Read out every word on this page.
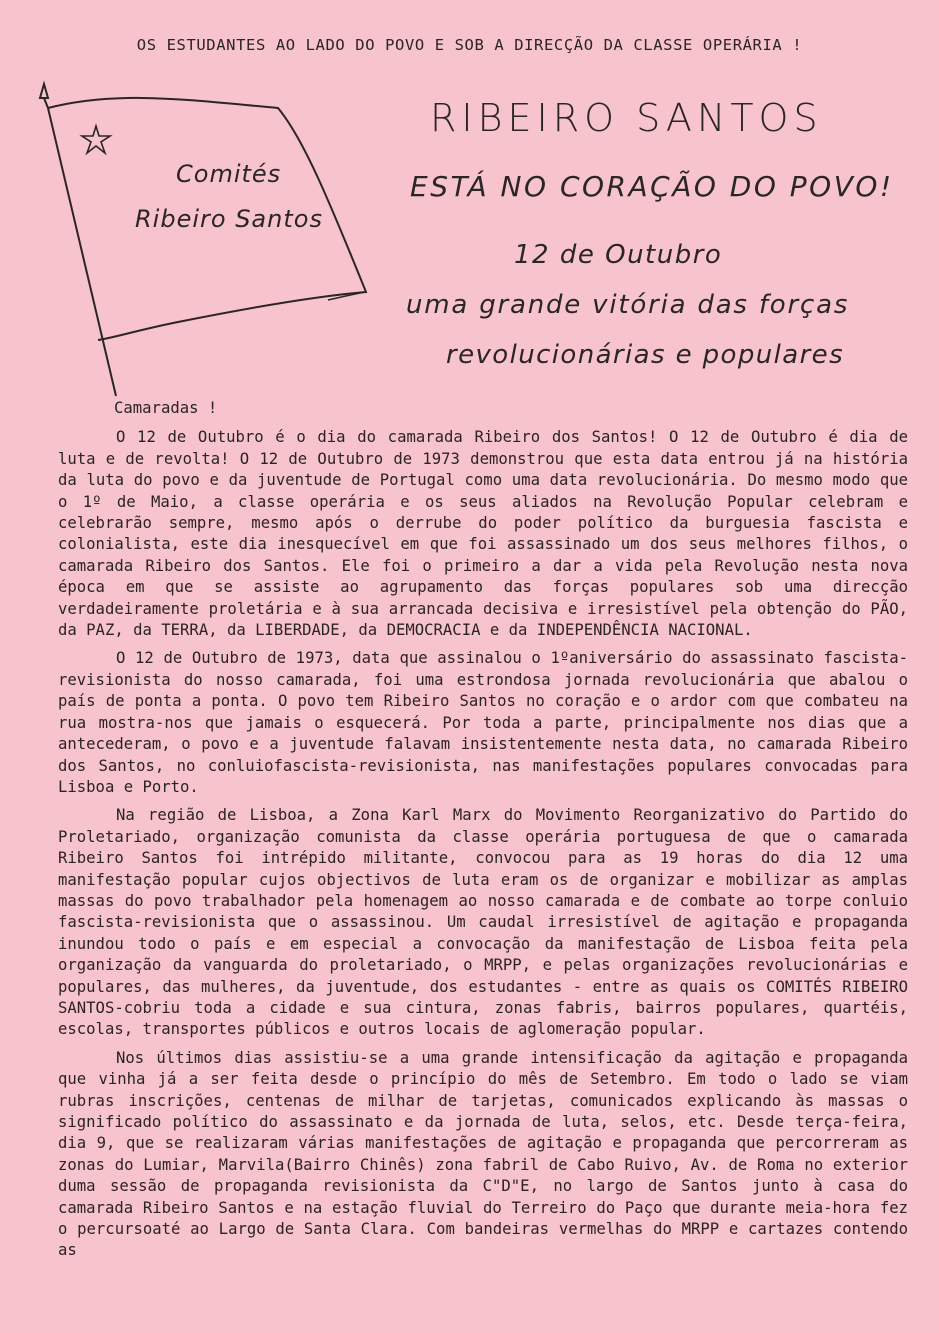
OS ESTUDANTES AO LADO DO POVO E SOB A DIRECÇÃO DA CLASSE OPERÁRIA !
Comités
Ribeiro Santos
RIBEIRO SANTOS
ESTÁ NO CORAÇÃO DO POVO!
12 de Outubro
uma grande vitória das forças
revolucionárias e populares
Camaradas !

O 12 de Outubro é o dia do camarada Ribeiro dos Santos! O 12 de Outubro é dia de luta e de revolta! O 12 de Outubro de 1973 demonstrou que esta data entrou já na história da luta do povo e da juventude de Portugal como uma data revolucionária. Do mesmo modo que o 1º de Maio, a classe operária e os seus aliados na Revolução Popular celebram e celebrarão sempre, mesmo após o derrube do poder político da burguesia fascista e colonialista, este dia inesquecível em que foi assassinado um dos seus melhores filhos, o camarada Ribeiro dos Santos. Ele foi o primeiro a dar a vida pela Revolução nesta nova época em que se assiste ao agrupamento das forças populares sob uma direcção verdadeiramente proletária e à sua arrancada decisiva e irresistível pela obtenção do PÃO, da PAZ, da TERRA, da LIBERDADE, da DEMOCRACIA e da INDEPENDÊNCIA NACIONAL.

O 12 de Outubro de 1973, data que assinalou o 1ºaniversário do assassinato fascista-revisionista do nosso camarada, foi uma estrondosa jornada revolucionária que abalou o país de ponta a ponta. O povo tem Ribeiro Santos no coração e o ardor com que combateu na rua mostra-nos que jamais o esquecerá. Por toda a parte, principalmente nos dias que a antecederam, o povo e a juventude falavam insistentemente nesta data, no camarada Ribeiro dos Santos, no conluiofascista-revisionista, nas manifestações populares convocadas para Lisboa e Porto.

Na região de Lisboa, a Zona Karl Marx do Movimento Reorganizativo do Partido do Proletariado, organização comunista da classe operária portuguesa de que o camarada Ribeiro Santos foi intrépido militante, convocou para as 19 horas do dia 12 uma manifestação popular cujos objectivos de luta eram os de organizar e mobilizar as amplas massas do povo trabalhador pela homenagem ao nosso camarada e de combate ao torpe conluio fascista-revisionista que o assassinou. Um caudal irresistível de agitação e propaganda inundou todo o país e em especial a convocação da manifestação de Lisboa feita pela organização da vanguarda do proletariado, o MRPP, e pelas organizações revolucionárias e populares, das mulheres, da juventude, dos estudantes - entre as quais os COMITÉS RIBEIRO SANTOS-cobriu toda a cidade e sua cintura, zonas fabris, bairros populares, quartéis, escolas, transportes públicos e outros locais de aglomeração popular.

Nos últimos dias assistiu-se a uma grande intensificação da agitação e propaganda que vinha já a ser feita desde o princípio do mês de Setembro. Em todo o lado se viam rubras inscrições, centenas de milhar de tarjetas, comunicados explicando às massas o significado político do assassinato e da jornada de luta, selos, etc. Desde terça-feira, dia 9, que se realizaram várias manifestações de agitação e propaganda que percorreram as zonas do Lumiar, Marvila(Bairro Chinês) zona fabril de Cabo Ruivo, Av. de Roma no exterior duma sessão de propaganda revisionista da C"D"E, no largo de Santos junto à casa do camarada Ribeiro Santos e na estação fluvial do Terreiro do Paço que durante meia-hora fez o percursoaté ao Largo de Santa Clara. Com bandeiras vermelhas do MRPP e cartazes contendo as
